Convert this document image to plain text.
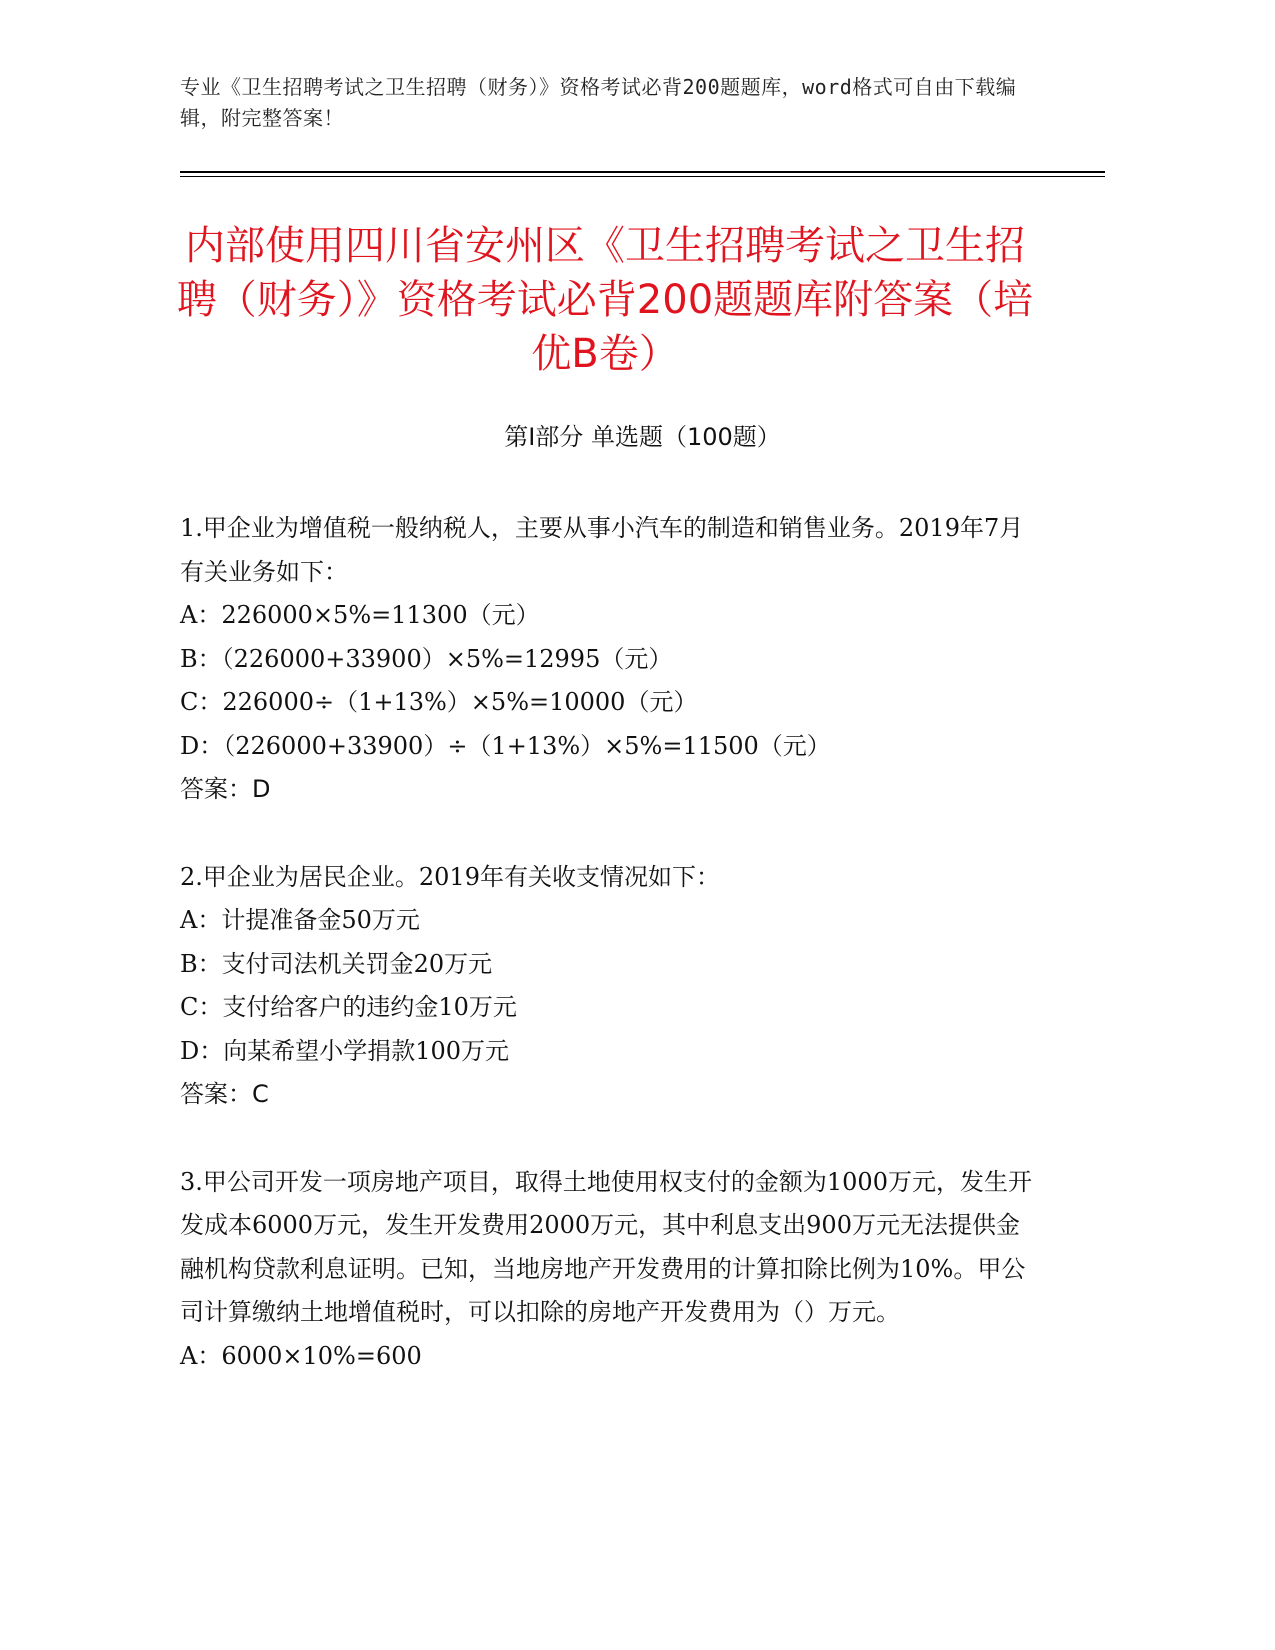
专业《卫生招聘考试之卫生招聘（财务）》资格考试必背200题题库，word格式可自由下载编辑，附完整答案！
内部使用四川省安州区《卫生招聘考试之卫生招聘（财务）》资格考试必背200题题库附答案（培优B卷）
第Ⅰ部分 单选题（100题）

1.甲企业为增值税一般纳税人，主要从事小汽车的制造和销售业务。2019年7月有关业务如下：

A：226000×5%=11300（元）

B：（226000+33900）×5%=12995（元）

C：226000÷（1+13%）×5%=10000（元）

D：（226000+33900）÷（1+13%）×5%=11500（元）

答案：D

2.甲企业为居民企业。2019年有关收支情况如下：

A：计提准备金50万元

B：支付司法机关罚金20万元

C：支付给客户的违约金10万元

D：向某希望小学捐款100万元

答案：C

3.甲公司开发一项房地产项目，取得土地使用权支付的金额为1000万元，发生开发成本6000万元，发生开发费用2000万元，其中利息支出900万元无法提供金融机构贷款利息证明。已知，当地房地产开发费用的计算扣除比例为10%。甲公司计算缴纳土地增值税时，可以扣除的房地产开发费用为（）万元。

A：6000×10%=600
